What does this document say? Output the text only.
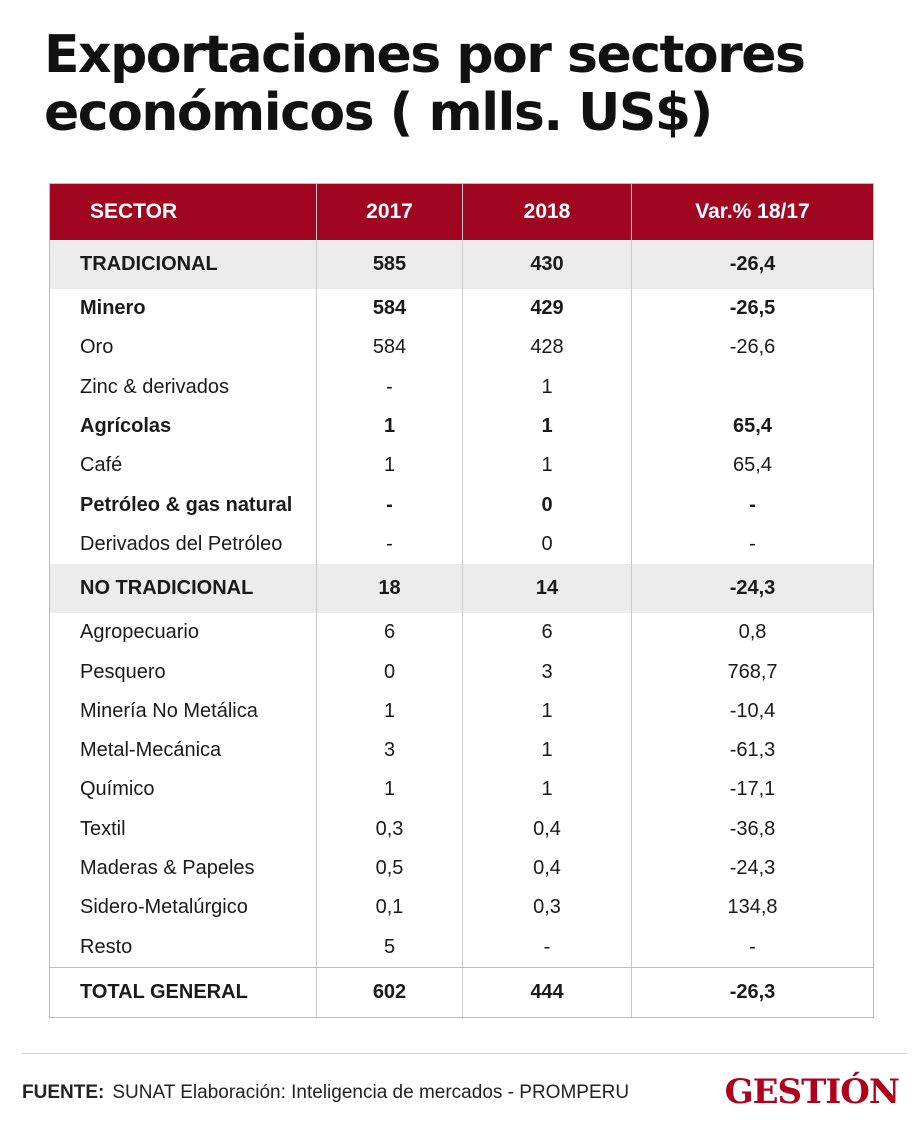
Exportaciones por sectores económicos ( mlls. US$)
SECTOR	2017	2018	Var.% 18/17
TRADICIONAL	585	430	-26,4
Minero	584	429	-26,5
Oro	584	428	-26,6
Zinc & derivados	-	1
Agrícolas	1	1	65,4
Café	1	1	65,4
Petróleo & gas natural	-	0	-
Derivados del Petróleo	-	0	-
NO TRADICIONAL	18	14	-24,3
Agropecuario	6	6	0,8
Pesquero	0	3	768,7
Minería No Metálica	1	1	-10,4
Metal-Mecánica	3	1	-61,3
Químico	1	1	-17,1
Textil	0,3	0,4	-36,8
Maderas & Papeles	0,5	0,4	-24,3
Sidero-Metalúrgico	0,1	0,3	134,8
Resto	5	-	-
TOTAL GENERAL	602	444	-26,3
FUENTE: SUNAT Elaboración: Inteligencia de mercados - PROMPERU	GESTIÓN
